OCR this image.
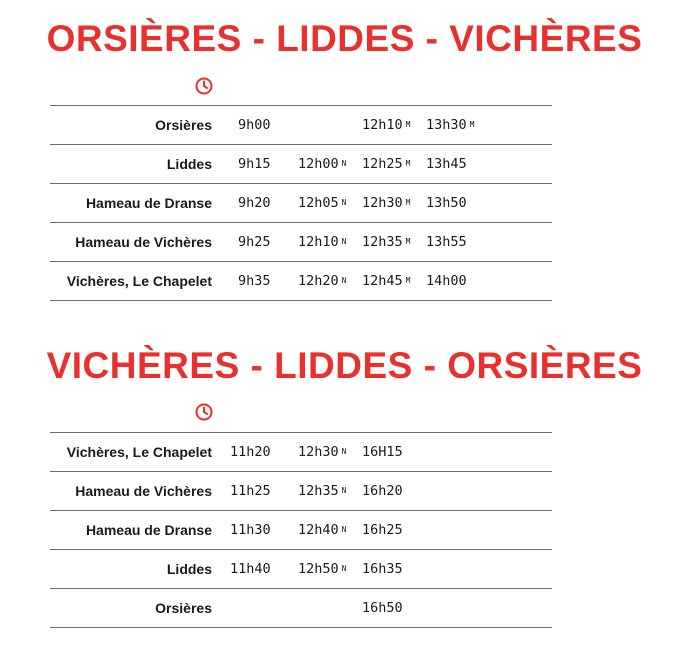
ORSIÈRES - LIDDES - VICHÈRES
Orsières 9h00	12h10 $^M$ 13h30 $^M$
Liddes 9h15 12h00 $^N$ 12h25 $^M$ 13h45
Hameau de Dranse 9h20 12h05 $^N$ 12h30 $^M$ 13h50
Hameau de Vichères 9h25 12h10 $^N$ 12h35 $^M$ 13h55
Vichères, Le Chapelet 9h35 12h20 $^N$ 12h45 $^M$ 14h00
VICHÈRES - LIDDES - ORSIÈRES
Vichères, Le Chapelet 11h20 12h30 $^N$ 16H15
Hameau de Vichères 11h25 12h35 $^N$ 16h20
Hameau de Dranse 11h30 12h40 $^N$ 16h25
Liddes 11h40 12h50 $^N$ 16h35
Orsières	16h50
